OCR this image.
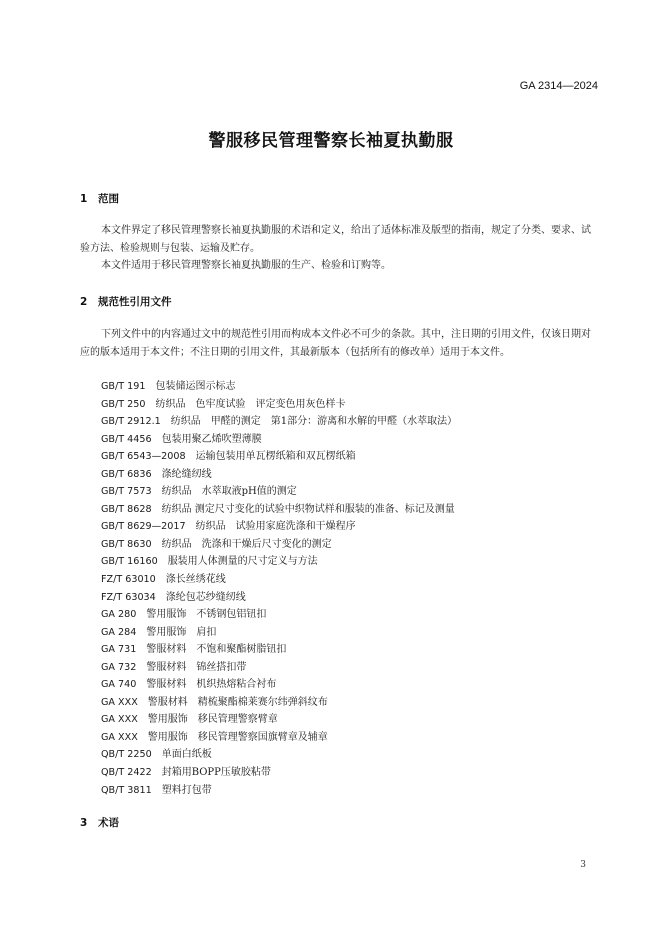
GA 2314—2024
警服移民管理警察长袖夏执勤服
1 范围

本文件界定了移民管理警察长袖夏执勤服的术语和定义，给出了适体标准及版型的指南，规定了分类、要求、试验方法、检验规则与包装、运输及贮存。

本文件适用于移民管理警察长袖夏执勤服的生产、检验和订购等。

2 规范性引用文件

下列文件中的内容通过文中的规范性引用而构成本文件必不可少的条款。其中，注日期的引用文件，仅该日期对应的版本适用于本文件；不注日期的引用文件，其最新版本（包括所有的修改单）适用于本文件。

GB/T 191 包装储运图示标志
GB/T 250 纺织品　色牢度试验　评定变色用灰色样卡
GB/T 2912.1 纺织品　甲醛的测定　第1部分：游离和水解的甲醛（水萃取法）
GB/T 4456 包装用聚乙烯吹塑薄膜
GB/T 6543—2008 运输包装用单瓦楞纸箱和双瓦楞纸箱
GB/T 6836 涤纶缝纫线
GB/T 7573 纺织品　水萃取液pH值的测定
GB/T 8628 纺织品 测定尺寸变化的试验中织物试样和服装的准备、标记及测量
GB/T 8629—2017 纺织品　试验用家庭洗涤和干燥程序
GB/T 8630 纺织品　洗涤和干燥后尺寸变化的测定
GB/T 16160 服装用人体测量的尺寸定义与方法
FZ/T 63010 涤长丝绣花线
FZ/T 63034 涤纶包芯纱缝纫线
GA 280 警用服饰　不锈钢包铝钮扣
GA 284 警用服饰　肩扣
GA 731 警服材料　不饱和聚酯树脂钮扣
GA 732 警服材料　锦丝搭扣带
GA 740 警服材料　机织热熔粘合衬布
GA XXX 警服材料　精梳聚酯棉莱赛尔纬弹斜纹布
GA XXX 警用服饰　移民管理警察臂章
GA XXX 警用服饰　移民管理警察国旗臂章及辅章
QB/T 2250 单面白纸板
QB/T 2422 封箱用BOPP压敏胶粘带
QB/T 3811 塑料打包带
3 术语
3
